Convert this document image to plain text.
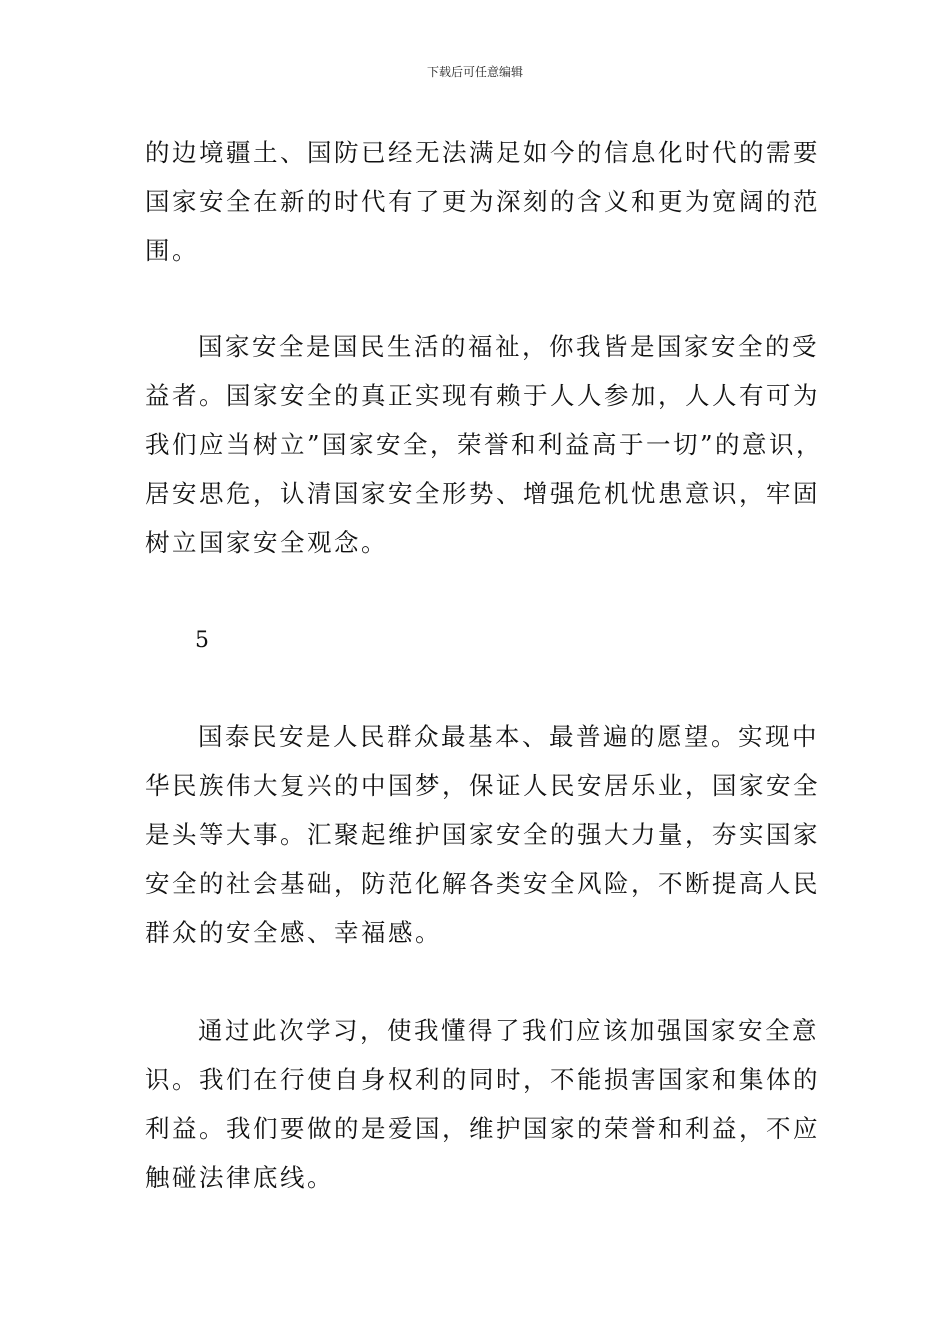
下载后可任意编辑

的边境疆土、国防已经无法满足如今的信息化时代的需要
国家安全在新的时代有了更为深刻的含义和更为宽阔的范
围。

国家安全是国民生活的福祉，你我皆是国家安全的受
益者。国家安全的真正实现有赖于人人参加，人人有可为
我们应当树立”国家安全，荣誉和利益高于一切”的意识，
居安思危，认清国家安全形势、增强危机忧患意识，牢固
树立国家安全观念。

5

国泰民安是人民群众最基本、最普遍的愿望。实现中
华民族伟大复兴的中国梦，保证人民安居乐业，国家安全
是头等大事。汇聚起维护国家安全的强大力量，夯实国家
安全的社会基础，防范化解各类安全风险，不断提高人民
群众的安全感、幸福感。

通过此次学习，使我懂得了我们应该加强国家安全意
识。我们在行使自身权利的同时，不能损害国家和集体的
利益。我们要做的是爱国，维护国家的荣誉和利益，不应
触碰法律底线。
